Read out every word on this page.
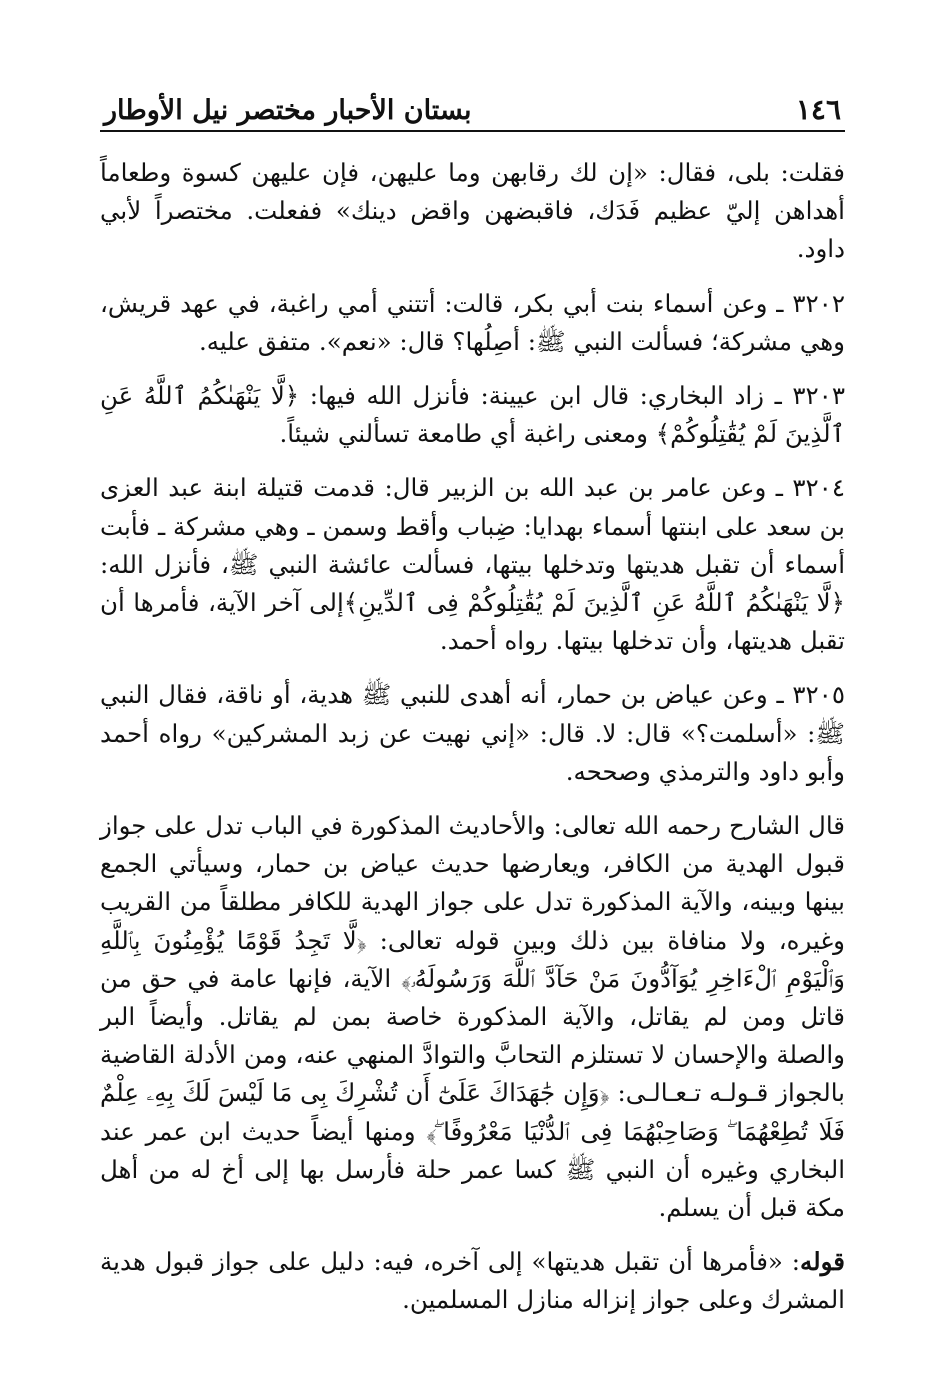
١٤٦
بستان الأحبار مختصر نيل الأوطار

فقلت: بلى، فقال: «إن لك رقابهن وما عليهن، فإن عليهن كسوة وطعاماً أهداهن إليّ عظيم فَدَك، فاقبضهن واقض دينك» ففعلت. مختصراً لأبي داود.

٣٢٠٢ ـ وعن أسماء بنت أبي بكر، قالت: أتتني أمي راغبة، في عهد قريش، وهي مشركة؛ فسألت النبي ﷺ: أصِلُها؟ قال: «نعم». متفق عليه.

٣٢٠٣ ـ زاد البخاري: قال ابن عيينة: فأنزل الله فيها: ﴿لَّا يَنْهَىٰكُمُ ٱللَّهُ عَنِ ٱلَّذِينَ لَمْ يُقَٰتِلُوكُمْ﴾ ومعنى راغبة أي طامعة تسألني شيئاً.

٣٢٠٤ ـ وعن عامر بن عبد الله بن الزبير قال: قدمت قتيلة ابنة عبد العزى بن سعد على ابنتها أسماء بهدايا: ضِباب وأقط وسمن ـ وهي مشركة ـ فأبت أسماء أن تقبل هديتها وتدخلها بيتها، فسألت عائشة النبي ﷺ، فأنزل الله: ﴿لَّا يَنْهَىٰكُمُ ٱللَّهُ عَنِ ٱلَّذِينَ لَمْ يُقَٰتِلُوكُمْ فِى ٱلدِّينِ﴾إلى آخر الآية، فأمرها أن تقبل هديتها، وأن تدخلها بيتها. رواه أحمد.

٣٢٠٥ ـ وعن عياض بن حمار، أنه أهدى للنبي ﷺ هدية، أو ناقة، فقال النبي ﷺ: «أسلمت؟» قال: لا. قال: «إني نهيت عن زبد المشركين» رواه أحمد وأبو داود والترمذي وصححه.

قال الشارح رحمه الله تعالى: والأحاديث المذكورة في الباب تدل على جواز قبول الهدية من الكافر، ويعارضها حديث عياض بن حمار، وسيأتي الجمع بينها وبينه، والآية المذكورة تدل على جواز الهدية للكافر مطلقاً من القريب وغيره، ولا منافاة بين ذلك وبين قوله تعالى: ﴿لَّا تَجِدُ قَوْمًا يُؤْمِنُونَ بِٱللَّهِ وَٱلْيَوْمِ ٱلْءَاخِرِ يُوَآدُّونَ مَنْ حَآدَّ ٱللَّهَ وَرَسُولَهُۥ﴾ الآية، فإنها عامة في حق من قاتل ومن لم يقاتل، والآية المذكورة خاصة بمن لم يقاتل. وأيضاً البر والصلة والإحسان لا تستلزم التحابَّ والتوادَّ المنهي عنه، ومن الأدلة القاضية بالجواز قـولـه تـعـالـى: ﴿وَإِن جَٰهَدَاكَ عَلَىٰٓ أَن تُشْرِكَ بِى مَا لَيْسَ لَكَ بِهِۦ عِلْمٌ فَلَا تُطِعْهُمَا ۖ وَصَاحِبْهُمَا فِى ٱلدُّنْيَا مَعْرُوفًا ۖ﴾ ومنها أيضاً حديث ابن عمر عند البخاري وغيره أن النبي ﷺ كسا عمر حلة فأرسل بها إلى أخ له من أهل مكة قبل أن يسلم.

قوله: «فأمرها أن تقبل هديتها» إلى آخره، فيه: دليل على جواز قبول هدية المشرك وعلى جواز إنزاله منازل المسلمين.
